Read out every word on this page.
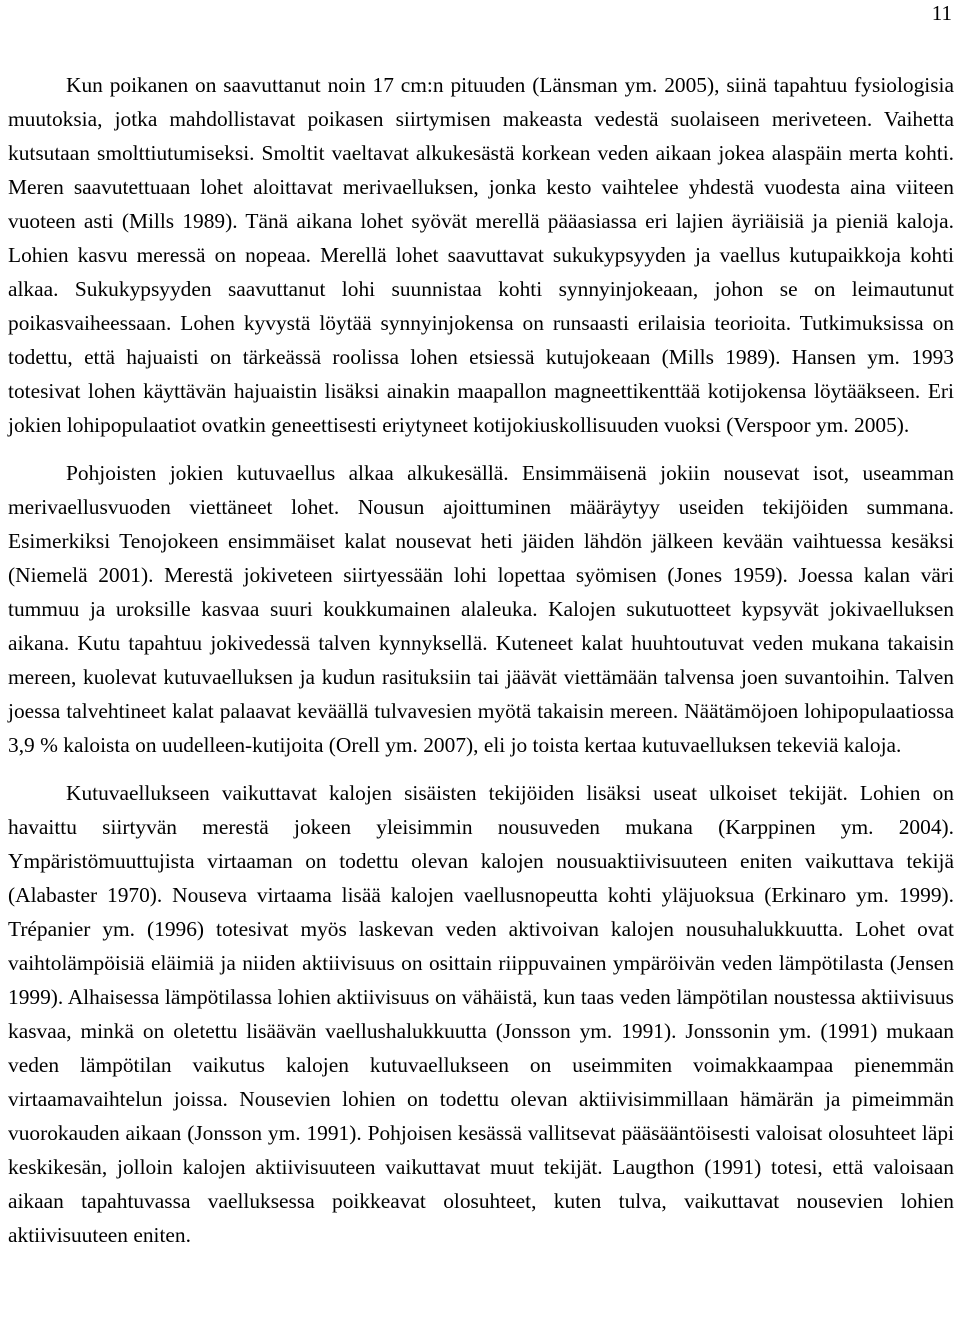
11

Kun poikanen on saavuttanut noin 17 cm:n pituuden (Länsman ym. 2005), siinä tapahtuu fysiologisia muutoksia, jotka mahdollistavat poikasen siirtymisen makeasta vedestä suolaiseen meriveteen. Vaihetta kutsutaan smolttiutumiseksi. Smoltit vaeltavat alkukesästä korkean veden aikaan jokea alaspäin merta kohti. Meren saavutettuaan lohet aloittavat merivaelluksen, jonka kesto vaihtelee yhdestä vuodesta aina viiteen vuoteen asti (Mills 1989). Tänä aikana lohet syövät merellä pääasiassa eri lajien äyriäisiä ja pieniä kaloja. Lohien kasvu meressä on nopeaa. Merellä lohet saavuttavat sukukypsyyden ja vaellus kutupaikkoja kohti alkaa. Sukukypsyyden saavuttanut lohi suunnistaa kohti synnyinjokeaan, johon se on leimautunut poikasvaiheessaan. Lohen kyvystä löytää synnyinjokensa on runsaasti erilaisia teorioita. Tutkimuksissa on todettu, että hajuaisti on tärkeässä roolissa lohen etsiessä kutujokeaan (Mills 1989). Hansen ym. 1993 totesivat lohen käyttävän hajuaistin lisäksi ainakin maapallon magneettikenttää kotijokensa löytääkseen. Eri jokien lohipopulaatiot ovatkin geneettisesti eriytyneet kotijokiuskollisuuden vuoksi (Verspoor ym. 2005).

Pohjoisten jokien kutuvaellus alkaa alkukesällä. Ensimmäisenä jokiin nousevat isot, useamman merivaellusvuoden viettäneet lohet. Nousun ajoittuminen määräytyy useiden tekijöiden summana. Esimerkiksi Tenojokeen ensimmäiset kalat nousevat heti jäiden lähdön jälkeen kevään vaihtuessa kesäksi (Niemelä 2001). Merestä jokiveteen siirtyessään lohi lopettaa syömisen (Jones 1959). Joessa kalan väri tummuu ja uroksille kasvaa suuri koukkumainen alaleuka. Kalojen sukutuotteet kypsyvät jokivaelluksen aikana. Kutu tapahtuu jokivedessä talven kynnyksellä. Kuteneet kalat huuhtoutuvat veden mukana takaisin mereen, kuolevat kutuvaelluksen ja kudun rasituksiin tai jäävät viettämään talvensa joen suvantoihin. Talven joessa talvehtineet kalat palaavat keväällä tulvavesien myötä takaisin mereen. Näätämöjoen lohipopulaatiossa 3,9 % kaloista on uudelleen-kutijoita (Orell ym. 2007), eli jo toista kertaa kutuvaelluksen tekeviä kaloja.

Kutuvaellukseen vaikuttavat kalojen sisäisten tekijöiden lisäksi useat ulkoiset tekijät. Lohien on havaittu siirtyvän merestä jokeen yleisimmin nousuveden mukana (Karppinen ym. 2004). Ympäristömuuttujista virtaaman on todettu olevan kalojen nousuaktiivisuuteen eniten vaikuttava tekijä (Alabaster 1970). Nouseva virtaama lisää kalojen vaellusnopeutta kohti yläjuoksua (Erkinaro ym. 1999). Trépanier ym. (1996) totesivat myös laskevan veden aktivoivan kalojen nousuhalukkuutta. Lohet ovat vaihtolämpöisiä eläimiä ja niiden aktiivisuus on osittain riippuvainen ympäröivän veden lämpötilasta (Jensen 1999). Alhaisessa lämpötilassa lohien aktiivisuus on vähäistä, kun taas veden lämpötilan noustessa aktiivisuus kasvaa, minkä on oletettu lisäävän vaellushalukkuutta (Jonsson ym. 1991). Jonssonin ym. (1991) mukaan veden lämpötilan vaikutus kalojen kutuvaellukseen on useimmiten voimakkaampaa pienemmän virtaamavaihtelun joissa. Nousevien lohien on todettu olevan aktiivisimmillaan hämärän ja pimeimmän vuorokauden aikaan (Jonsson ym. 1991). Pohjoisen kesässä vallitsevat pääsääntöisesti valoisat olosuhteet läpi keskikesän, jolloin kalojen aktiivisuuteen vaikuttavat muut tekijät. Laugthon (1991) totesi, että valoisaan aikaan tapahtuvassa vaelluksessa poikkeavat olosuhteet, kuten tulva, vaikuttavat nousevien lohien aktiivisuuteen eniten.
